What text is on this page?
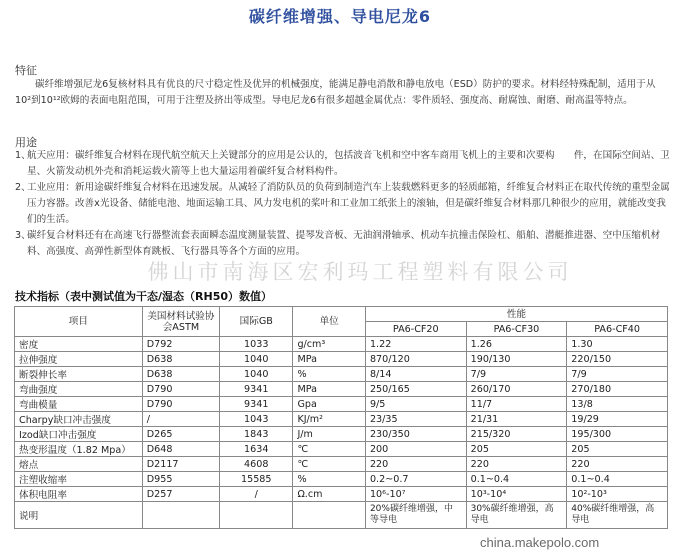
碳纤维增强、导电尼龙6
特征

碳纤维增强尼龙6复核材料具有优良的尺寸稳定性及优异的机械强度，能满足静电消散和静电放电（ESD）防护的要求。材料经特殊配制，适用于从10²到10¹²欧姆的表面电阻范围，可用于注塑及挤出等成型。导电尼龙6有很多超越金属优点：零件质轻、强度高、耐腐蚀、耐磨、耐高温等特点。

用途
1、
航天应用：碳纤维复合材料在现代航空航天上关键部分的应用是公认的，包括波音飞机和空中客车商用飞机上的主要和次要构　　件，在国际空间站、卫星、火箭发动机外壳和消耗运载火箭等上也大量运用着碳纤复合材料构件。
2、
工业应用：新用途碳纤维复合材料在迅速发展。从减轻了消防队员的负荷到制造汽车上装载燃料更多的轻质邮箱，纤维复合材料正在取代传统的重型金属压力容器。改善x光设备、储能电池、地面运输工具、风力发电机的桨叶和工业加工纸张上的滚轴，但是碳纤维复合材料那几种很少的应用，就能改变我们的生活。
3、
碳纤复合材料还有在高速飞行器整流套表面瞬态温度测量装置、提琴发音板、无油润滑轴承、机动车抗撞击保险杠、船舶、潜艇推进器、空中压缩机材料、高强度、高弹性新型体育跳板、飞行器具等各个方面的应用。
佛山市南海区宏利玛工程塑料有限公司
技术指标（表中测试值为干态/湿态（RH50）数值）
项目	美国材料试验协会ASTM	国际GB	单位	性能		
				PA6-CF20	PA6-CF30	PA6-CF40
密度	D792	1033	g/cm³	1.22	1.26	1.30
拉伸强度	D638	1040	MPa	870/120	190/130	220/150
断裂伸长率	D638	1040	%	8/14	7/9	7/9
弯曲强度	D790	9341	MPa	250/165	260/170	270/180
弯曲模量	D790	9341	Gpa	9/5	11/7	13/8
Charpy缺口冲击强度	/	1043	KJ/m²	23/35	21/31	19/29
Izod缺口冲击强度	D265	1843	J/m	230/350	215/320	195/300
热变形温度（1.82 Mpa）	D648	1634	℃	200	205	205
熔点	D2117	4608	℃	220	220	220
注塑收缩率	D955	15585	%	0.2~0.7	0.1~0.4	0.1~0.4
体积电阻率	D257	/	Ω.cm	10⁶-10⁷	10³-10⁴	10²-10³
说明				20%碳纤维增强，中等导电	30%碳纤维增强，高导电	40%碳纤维增强，高导电
china.makepolo.com
